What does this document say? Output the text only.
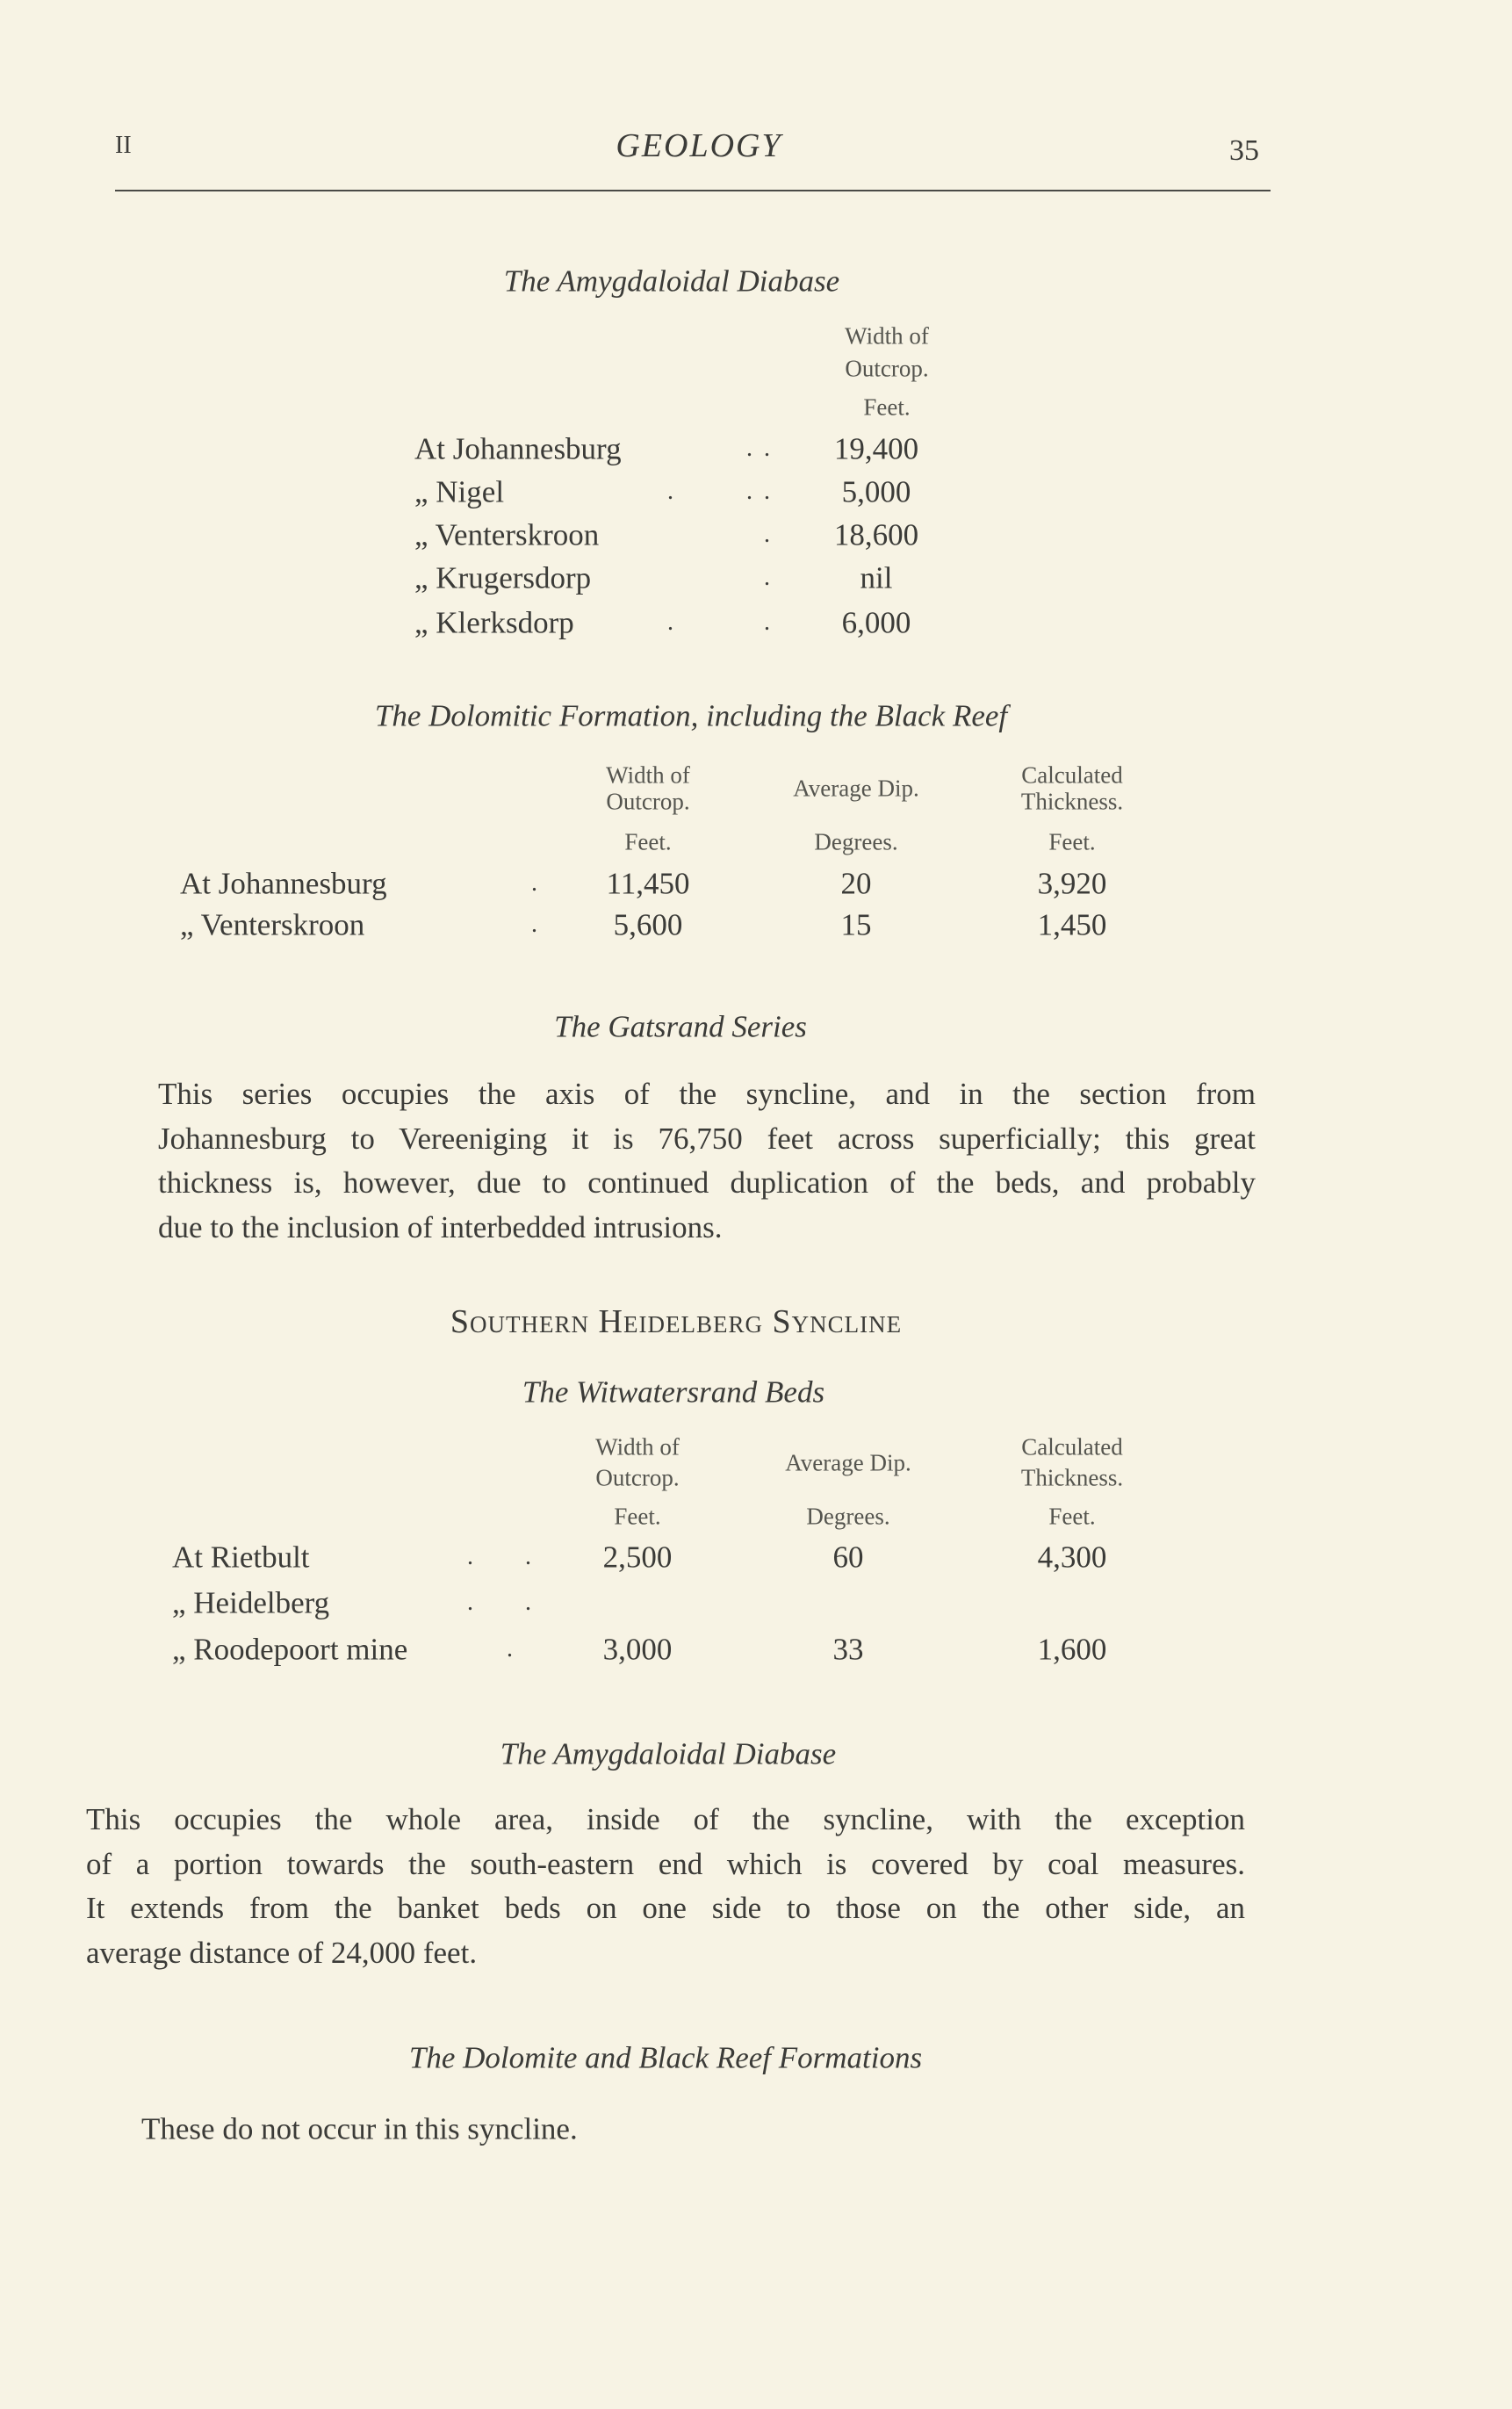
II	GEOLOGY	35
The Amygdaloidal Diabase
Width of
Outcrop.
Feet.
At Johannesburg	19,400
„ Nigel	5,000
„ Venterskroon	18,600
„ Krugersdorp	nil
„ Klerksdorp	6,000
The Dolomitic Formation, including the Black Reef
Width of
Outcrop.	Average Dip.	Calculated
Thickness.
Feet.	Degrees.	Feet.
At Johannesburg	11,450	20	3,920
„ Venterskroon	5,600	15	1,450
The Gatsrand Series
This series occupies the axis of the syncline, and in the section from
Johannesburg to Vereeniging it is 76,750 feet across superficially; this great
thickness is, however, due to continued duplication of the beds, and probably
due to the inclusion of interbedded intrusions.
Southern Heidelberg Syncline
The Witwatersrand Beds
Width of
Outcrop.
Average Dip.
Calculated
Thickness.
Feet.	Degrees.	Feet.
At Rietbult	2,500	60	4,300
„ Heidelberg
„ Roodepoort mine	3,000	33	1,600
The Amygdaloidal Diabase
This occupies the whole area, inside of the syncline, with the exception
of a portion towards the south-eastern end which is covered by coal measures.
It extends from the banket beds on one side to those on the other side, an
average distance of 24,000 feet.
The Dolomite and Black Reef Formations
These do not occur in this syncline.
. .
.	. .
.
.
.	.
.
.
. .
. .
.
